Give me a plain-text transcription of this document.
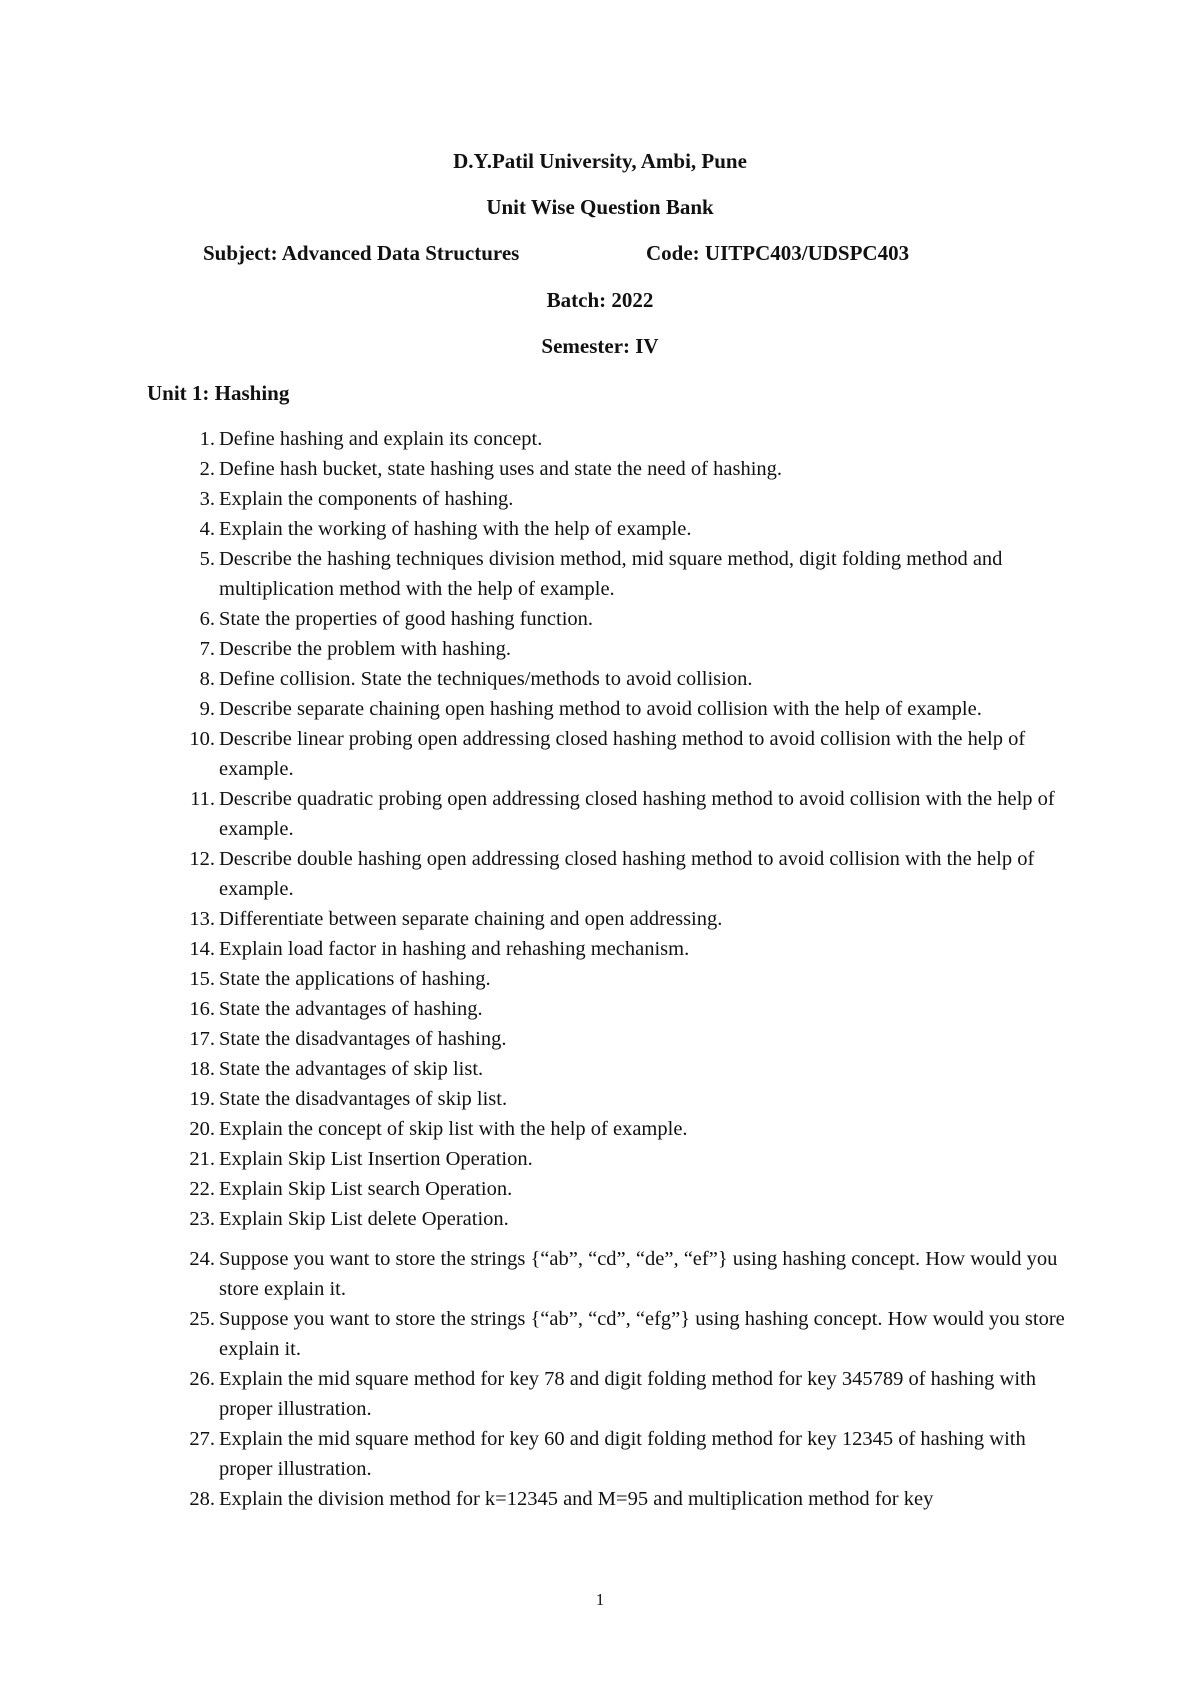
D.Y.Patil University, Ambi, Pune
Unit Wise Question Bank
Subject: Advanced Data Structures	Code: UITPC403/UDSPC403
Batch: 2022
Semester: IV
Unit 1: Hashing
1. Define hashing and explain its concept.
2. Define hash bucket, state hashing uses and state the need of hashing.
3. Explain the components of hashing.
4. Explain the working of hashing with the help of example.
5. Describe the hashing techniques division method, mid square method, digit folding method and multiplication method with the help of example.
6. State the properties of good hashing function.
7. Describe the problem with hashing.
8. Define collision. State the techniques/methods to avoid collision.
9. Describe separate chaining open hashing method to avoid collision with the help of example.
10. Describe linear probing open addressing closed hashing method to avoid collision with the help of example.
11. Describe quadratic probing open addressing closed hashing method to avoid collision with the help of example.
12. Describe double hashing open addressing closed hashing method to avoid collision with the help of example.
13. Differentiate between separate chaining and open addressing.
14. Explain load factor in hashing and rehashing mechanism.
15. State the applications of hashing.
16. State the advantages of hashing.
17. State the disadvantages of hashing.
18. State the advantages of skip list.
19. State the disadvantages of skip list.
20. Explain the concept of skip list with the help of example.
21. Explain Skip List Insertion Operation.
22. Explain Skip List search Operation.
23. Explain Skip List delete Operation.
24. Suppose you want to store the strings {“ab”, “cd”, “de”, “ef”} using hashing concept. How would you store explain it.
25. Suppose you want to store the strings {“ab”, “cd”, “efg”} using hashing concept. How would you store explain it.
26. Explain the mid square method for key 78 and digit folding method for key 345789 of hashing with proper illustration.
27. Explain the mid square method for key 60 and digit folding method for key 12345 of hashing with proper illustration.
28. Explain the division method for k=12345 and M=95 and multiplication method for key
1
